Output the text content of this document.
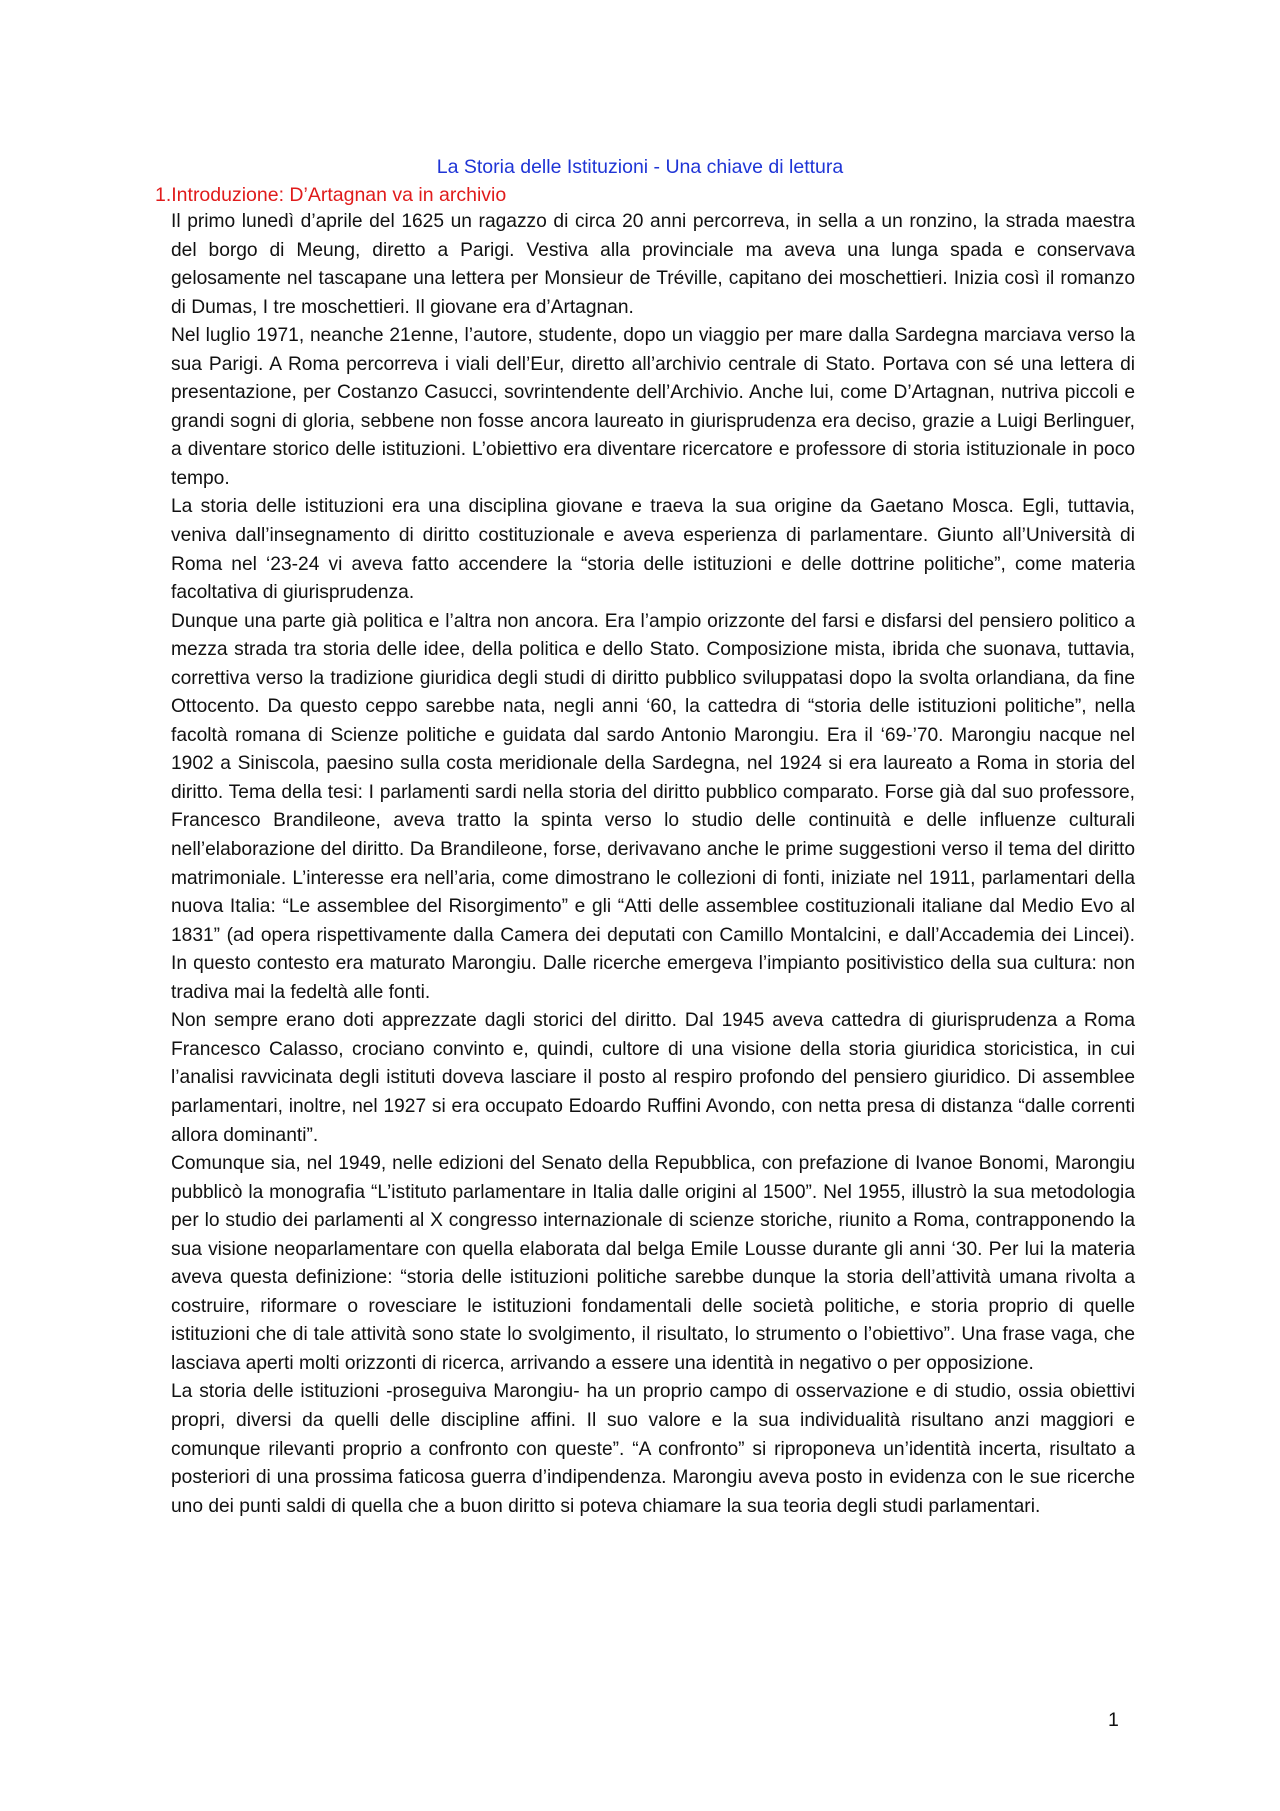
La Storia delle Istituzioni - Una chiave di lettura
1.Introduzione: D’Artagnan va in archivio

Il primo lunedì d’aprile del 1625 un ragazzo di circa 20 anni percorreva, in sella a un ronzino, la strada maestra del borgo di Meung, diretto a Parigi. Vestiva alla provinciale ma aveva una lunga spada e conservava gelosamente nel tascapane una lettera per Monsieur de Tréville, capitano dei moschettieri. Inizia così il romanzo di Dumas, I tre moschettieri. Il giovane era d’Artagnan.

Nel luglio 1971, neanche 21enne, l’autore, studente, dopo un viaggio per mare dalla Sardegna marciava verso la sua Parigi. A Roma percorreva i viali dell’Eur, diretto all’archivio centrale di Stato. Portava con sé una lettera di presentazione, per Costanzo Casucci, sovrintendente dell’Archivio. Anche lui, come D’Artagnan, nutriva piccoli e grandi sogni di gloria, sebbene non fosse ancora laureato in giurisprudenza era deciso, grazie a Luigi Berlinguer, a diventare storico delle istituzioni. L’obiettivo era diventare ricercatore e professore di storia istituzionale in poco tempo.

La storia delle istituzioni era una disciplina giovane e traeva la sua origine da Gaetano Mosca. Egli, tuttavia, veniva dall’insegnamento di diritto costituzionale e aveva esperienza di parlamentare. Giunto all’Università di Roma nel ‘23-24 vi aveva fatto accendere la “storia delle istituzioni e delle dottrine politiche”, come materia facoltativa di giurisprudenza.

Dunque una parte già politica e l’altra non ancora. Era l’ampio orizzonte del farsi e disfarsi del pensiero politico a mezza strada tra storia delle idee, della politica e dello Stato. Composizione mista, ibrida che suonava, tuttavia, correttiva verso la tradizione giuridica degli studi di diritto pubblico sviluppatasi dopo la svolta orlandiana, da fine Ottocento. Da questo ceppo sarebbe nata, negli anni ‘60, la cattedra di “storia delle istituzioni politiche”, nella facoltà romana di Scienze politiche e guidata dal sardo Antonio Marongiu. Era il ‘69-’70. Marongiu nacque nel 1902 a Siniscola, paesino sulla costa meridionale della Sardegna, nel 1924 si era laureato a Roma in storia del diritto. Tema della tesi: I parlamenti sardi nella storia del diritto pubblico comparato. Forse già dal suo professore, Francesco Brandileone, aveva tratto la spinta verso lo studio delle continuità e delle influenze culturali nell’elaborazione del diritto. Da Brandileone, forse, derivavano anche le prime suggestioni verso il tema del diritto matrimoniale. L’interesse era nell’aria, come dimostrano le collezioni di fonti, iniziate nel 1911, parlamentari della nuova Italia: “Le assemblee del Risorgimento” e gli “Atti delle assemblee costituzionali italiane dal Medio Evo al 1831” (ad opera rispettivamente dalla Camera dei deputati con Camillo Montalcini, e dall’Accademia dei Lincei). In questo contesto era maturato Marongiu. Dalle ricerche emergeva l’impianto positivistico della sua cultura: non tradiva mai la fedeltà alle fonti.

Non sempre erano doti apprezzate dagli storici del diritto. Dal 1945 aveva cattedra di giurisprudenza a Roma Francesco Calasso, crociano convinto e, quindi, cultore di una visione della storia giuridica storicistica, in cui l’analisi ravvicinata degli istituti doveva lasciare il posto al respiro profondo del pensiero giuridico. Di assemblee parlamentari, inoltre, nel 1927 si era occupato Edoardo Ruffini Avondo, con netta presa di distanza “dalle correnti allora dominanti”.

Comunque sia, nel 1949, nelle edizioni del Senato della Repubblica, con prefazione di Ivanoe Bonomi, Marongiu pubblicò la monografia “L’istituto parlamentare in Italia dalle origini al 1500”. Nel 1955, illustrò la sua metodologia per lo studio dei parlamenti al X congresso internazionale di scienze storiche, riunito a Roma, contrapponendo la sua visione neoparlamentare con quella elaborata dal belga Emile Lousse durante gli anni ‘30. Per lui la materia aveva questa definizione: “storia delle istituzioni politiche sarebbe dunque la storia dell’attività umana rivolta a costruire, riformare o rovesciare le istituzioni fondamentali delle società politiche, e storia proprio di quelle istituzioni che di tale attività sono state lo svolgimento, il risultato, lo strumento o l’obiettivo”. Una frase vaga, che lasciava aperti molti orizzonti di ricerca, arrivando a essere una identità in negativo o per opposizione.

La storia delle istituzioni -proseguiva Marongiu- ha un proprio campo di osservazione e di studio, ossia obiettivi propri, diversi da quelli delle discipline affini. Il suo valore e la sua individualità risultano anzi maggiori e comunque rilevanti proprio a confronto con queste”. “A confronto” si riproponeva un’identità incerta, risultato a posteriori di una prossima faticosa guerra d’indipendenza. Marongiu aveva posto in evidenza con le sue ricerche uno dei punti saldi di quella che a buon diritto si poteva chiamare la sua teoria degli studi parlamentari.

1
